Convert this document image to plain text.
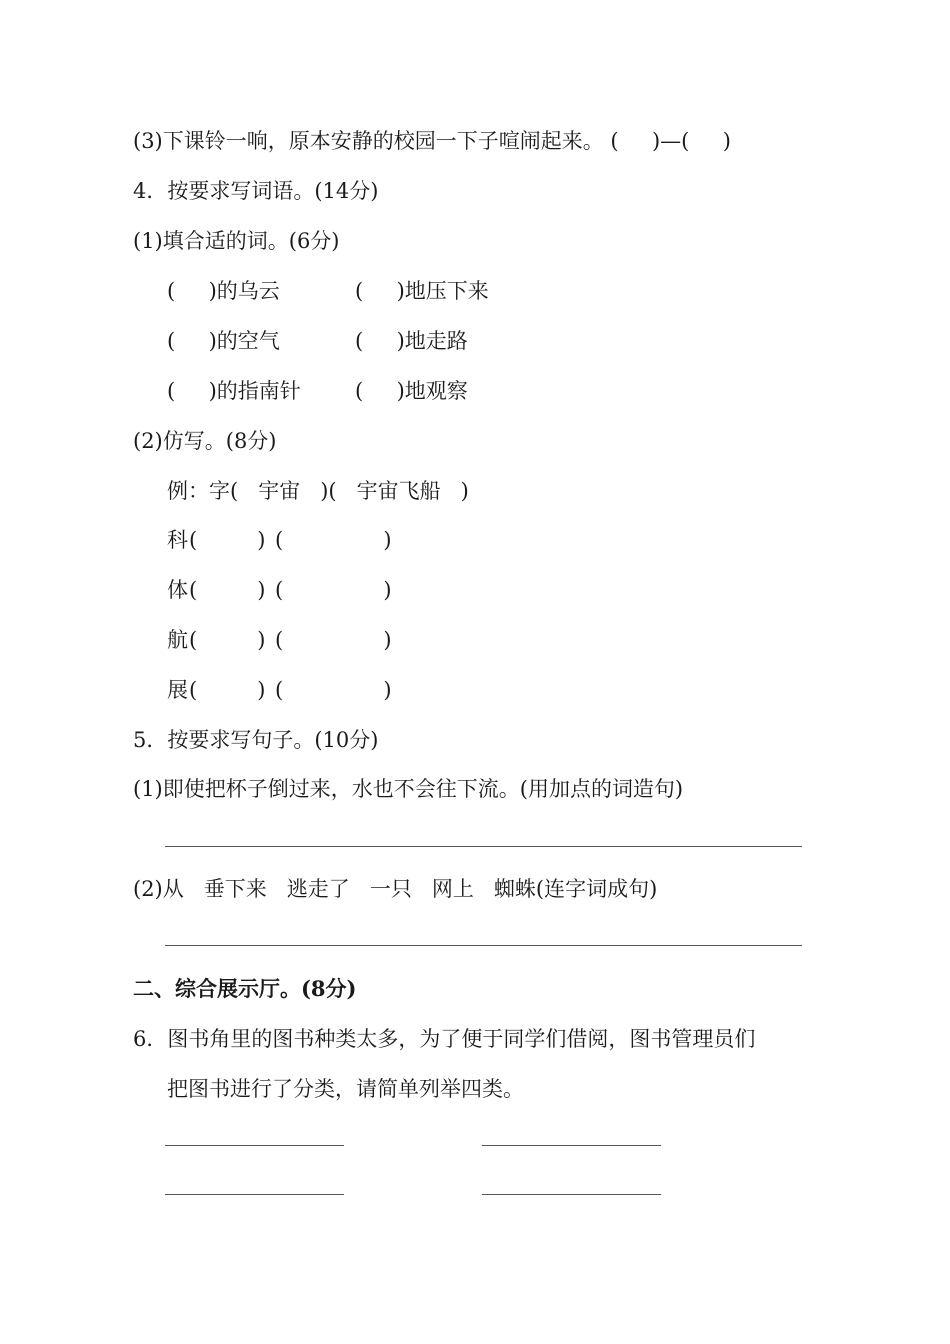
(3)下课铃一响，原本安静的校园一下子喧闹起来。 (     )—(     )
4．按要求写词语。(14分)
(1)填合适的词。(6分)
(     )的乌云	(     )地压下来
(     )的空气	(     )地走路
(     )的指南针	(     )地观察
(2)仿写。(8分)
例：字(   宇宙   )(   宇宙飞船   )
科 (         ) (               )
体 (         ) (               )
航 (         ) (               )
展 (         ) (               )
5．按要求写句子。(10分)
(1)即使把杯子倒过来，水也不会往下流。(用加点的词造句)
(2)从   垂下来   逃走了   一只   网上   蜘蛛(连字词成句)
二、综合展示厅。(8分)
6．图书角里的图书种类太多，为了便于同学们借阅，图书管理员们
把图书进行了分类，请简单列举四类。
